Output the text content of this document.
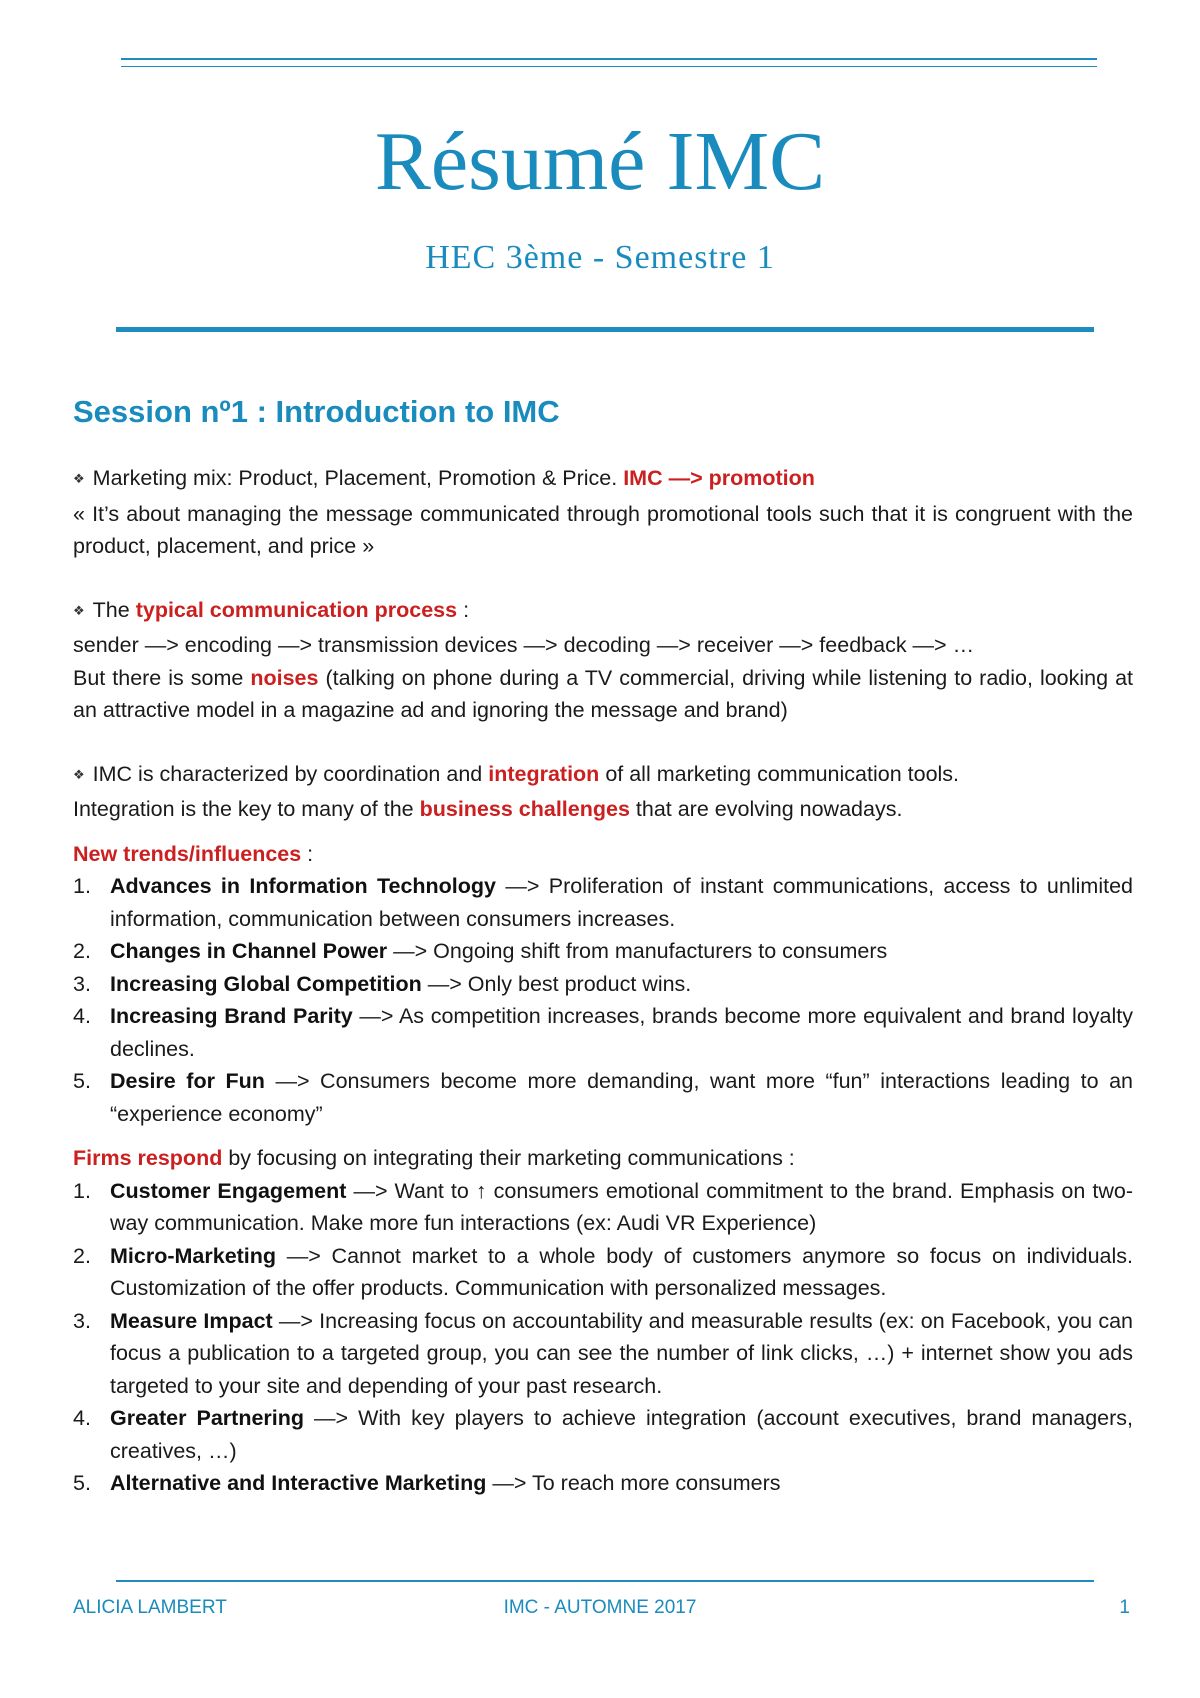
Résumé IMC
HEC 3ème - Semestre 1
Session nº1 : Introduction to IMC

❖ Marketing mix: Product, Placement, Promotion & Price. IMC —> promotion

« It’s about managing the message communicated through promotional tools such that it is congruent with the product, placement, and price »

❖ The typical communication process :

sender —> encoding —> transmission devices —> decoding —> receiver —> feedback —> …

But there is some noises (talking on phone during a TV commercial, driving while listening to radio, looking at an attractive model in a magazine ad and ignoring the message and brand)

❖ IMC is characterized by coordination and integration of all marketing communication tools.

Integration is the key to many of the business challenges that are evolving nowadays.

New trends/influences :

1. Advances in Information Technology —> Proliferation of instant communications, access to unlimited information, communication between consumers increases.
2. Changes in Channel Power —> Ongoing shift from manufacturers to consumers
3. Increasing Global Competition —> Only best product wins.
4. Increasing Brand Parity —> As competition increases, brands become more equivalent and brand loyalty declines.
5. Desire for Fun —> Consumers become more demanding, want more “fun” interactions leading to an “experience economy”

Firms respond by focusing on integrating their marketing communications :

1. Customer Engagement —> Want to ↑ consumers emotional commitment to the brand. Emphasis on two-way communication. Make more fun interactions (ex: Audi VR Experience)
2. Micro-Marketing —> Cannot market to a whole body of customers anymore so focus on individuals. Customization of the offer products. Communication with personalized messages.
3. Measure Impact —> Increasing focus on accountability and measurable results (ex: on Facebook, you can focus a publication to a targeted group, you can see the number of link clicks, …) + internet show you ads targeted to your site and depending of your past research.
4. Greater Partnering —> With key players to achieve integration (account executives, brand managers, creatives, …)
5. Alternative and Interactive Marketing —> To reach more consumers
ALICIA LAMBERT	IMC - AUTOMNE 2017	1
